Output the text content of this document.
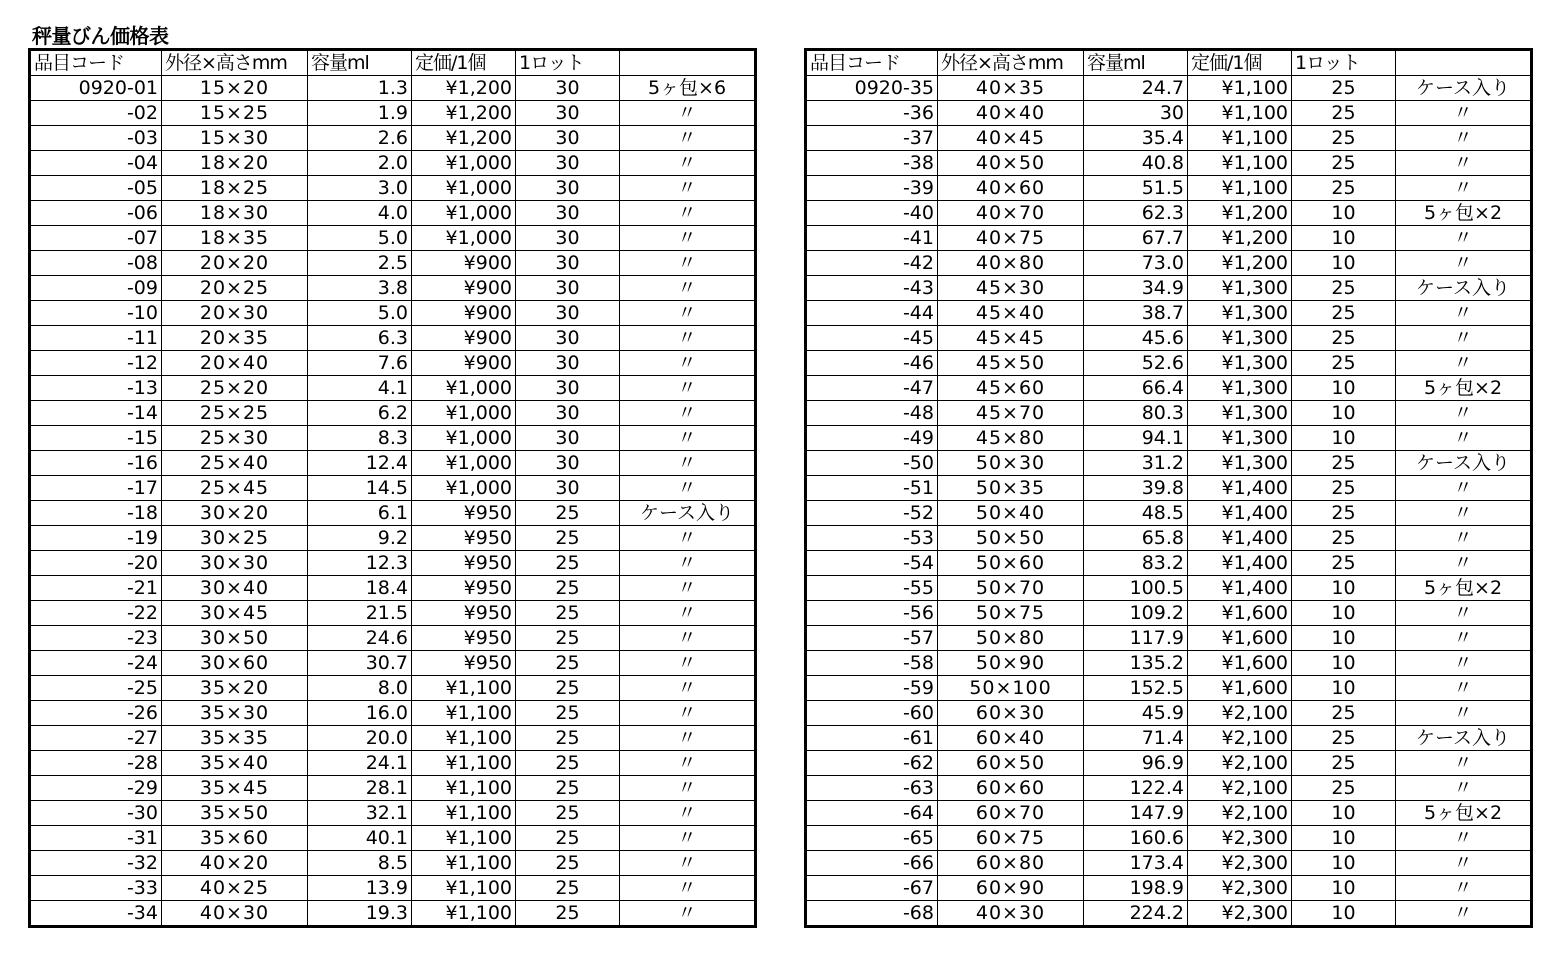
秤量びん価格表
品目コード	外径×高さmm	容量ml	定価/1個	1ロット	
0920-01	15×20	1.3	¥1,200	30	5ヶ包×6
-02	15×25	1.9	¥1,200	30	〃
-03	15×30	2.6	¥1,200	30	〃
-04	18×20	2.0	¥1,000	30	〃
-05	18×25	3.0	¥1,000	30	〃
-06	18×30	4.0	¥1,000	30	〃
-07	18×35	5.0	¥1,000	30	〃
-08	20×20	2.5	¥900	30	〃
-09	20×25	3.8	¥900	30	〃
-10	20×30	5.0	¥900	30	〃
-11	20×35	6.3	¥900	30	〃
-12	20×40	7.6	¥900	30	〃
-13	25×20	4.1	¥1,000	30	〃
-14	25×25	6.2	¥1,000	30	〃
-15	25×30	8.3	¥1,000	30	〃
-16	25×40	12.4	¥1,000	30	〃
-17	25×45	14.5	¥1,000	30	〃
-18	30×20	6.1	¥950	25	ケース入り
-19	30×25	9.2	¥950	25	〃
-20	30×30	12.3	¥950	25	〃
-21	30×40	18.4	¥950	25	〃
-22	30×45	21.5	¥950	25	〃
-23	30×50	24.6	¥950	25	〃
-24	30×60	30.7	¥950	25	〃
-25	35×20	8.0	¥1,100	25	〃
-26	35×30	16.0	¥1,100	25	〃
-27	35×35	20.0	¥1,100	25	〃
-28	35×40	24.1	¥1,100	25	〃
-29	35×45	28.1	¥1,100	25	〃
-30	35×50	32.1	¥1,100	25	〃
-31	35×60	40.1	¥1,100	25	〃
-32	40×20	8.5	¥1,100	25	〃
-33	40×25	13.9	¥1,100	25	〃
-34	40×30	19.3	¥1,100	25	〃
品目コード	外径×高さmm	容量ml	定価/1個	1ロット	
0920-35	40×35	24.7	¥1,100	25	ケース入り
-36	40×40	30	¥1,100	25	〃
-37	40×45	35.4	¥1,100	25	〃
-38	40×50	40.8	¥1,100	25	〃
-39	40×60	51.5	¥1,100	25	〃
-40	40×70	62.3	¥1,200	10	5ヶ包×2
-41	40×75	67.7	¥1,200	10	〃
-42	40×80	73.0	¥1,200	10	〃
-43	45×30	34.9	¥1,300	25	ケース入り
-44	45×40	38.7	¥1,300	25	〃
-45	45×45	45.6	¥1,300	25	〃
-46	45×50	52.6	¥1,300	25	〃
-47	45×60	66.4	¥1,300	10	5ヶ包×2
-48	45×70	80.3	¥1,300	10	〃
-49	45×80	94.1	¥1,300	10	〃
-50	50×30	31.2	¥1,300	25	ケース入り
-51	50×35	39.8	¥1,400	25	〃
-52	50×40	48.5	¥1,400	25	〃
-53	50×50	65.8	¥1,400	25	〃
-54	50×60	83.2	¥1,400	25	〃
-55	50×70	100.5	¥1,400	10	5ヶ包×2
-56	50×75	109.2	¥1,600	10	〃
-57	50×80	117.9	¥1,600	10	〃
-58	50×90	135.2	¥1,600	10	〃
-59	50×100	152.5	¥1,600	10	〃
-60	60×30	45.9	¥2,100	25	〃
-61	60×40	71.4	¥2,100	25	ケース入り
-62	60×50	96.9	¥2,100	25	〃
-63	60×60	122.4	¥2,100	25	〃
-64	60×70	147.9	¥2,100	10	5ヶ包×2
-65	60×75	160.6	¥2,300	10	〃
-66	60×80	173.4	¥2,300	10	〃
-67	60×90	198.9	¥2,300	10	〃
-68	40×30	224.2	¥2,300	10	〃
